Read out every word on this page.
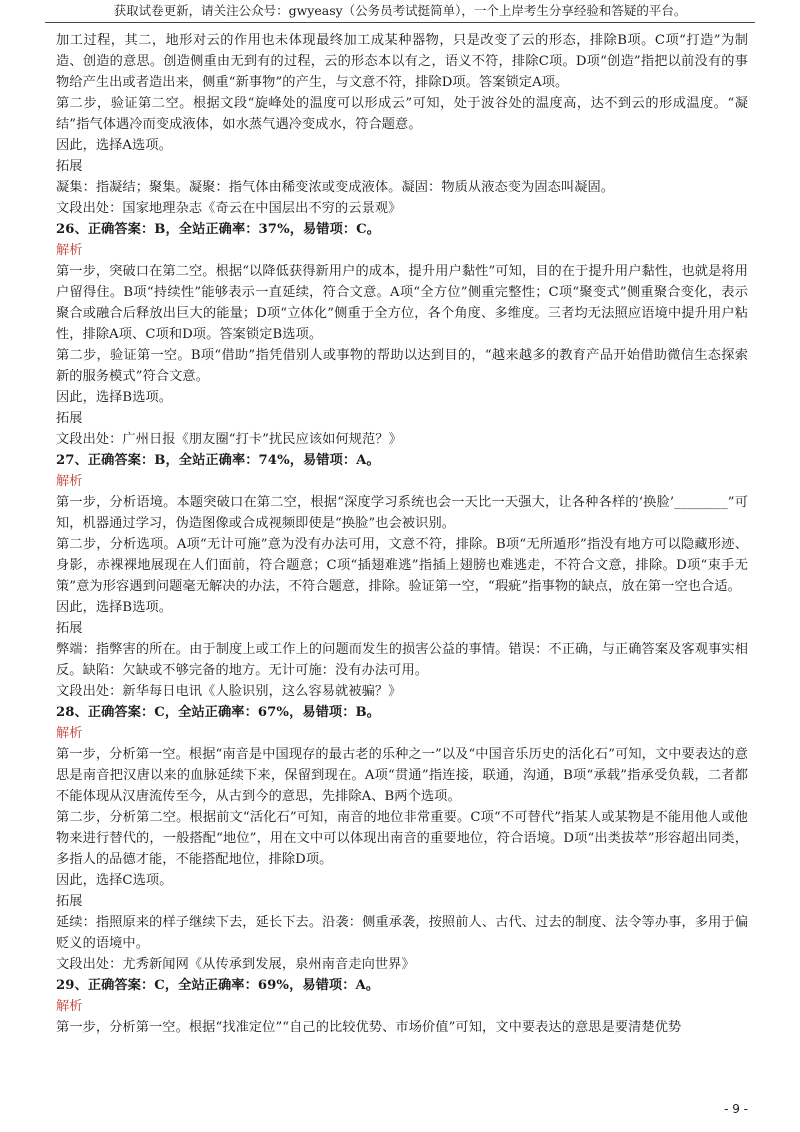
获取试卷更新，请关注公众号：gwyeasy（公务员考试挺简单），一个上岸考生分享经验和答疑的平台。

加工过程，其二，地形对云的作用也未体现最终加工成某种器物，只是改变了云的形态，排除B项。C项“打造”为制造、创造的意思。创造侧重由无到有的过程，云的形态本以有之，语义不符，排除C项。D项“创造”指把以前没有的事物给产生出或者造出来，侧重“新事物”的产生，与文意不符，排除D项。答案锁定A项。

第二步，验证第二空。根据文段“旋峰处的温度可以形成云”可知，处于波谷处的温度高，达不到云的形成温度。“凝结”指气体遇冷而变成液体，如水蒸气遇冷变成水，符合题意。

因此，选择A选项。

拓展

凝集：指凝结；聚集。凝聚：指气体由稀变浓或变成液体。凝固：物质从液态变为固态叫凝固。

文段出处：国家地理杂志《奇云在中国层出不穷的云景观》

26、正确答案：B，全站正确率：37%，易错项：C。

解析

第一步，突破口在第二空。根据“以降低获得新用户的成本，提升用户黏性”可知，目的在于提升用户黏性，也就是将用户留得住。B项“持续性”能够表示一直延续，符合文意。A项“全方位”侧重完整性；C项“聚变式”侧重聚合变化，表示聚合或融合后释放出巨大的能量；D项“立体化”侧重于全方位，各个角度、多维度。三者均无法照应语境中提升用户粘性，排除A项、C项和D项。答案锁定B选项。

第二步，验证第一空。B项“借助”指凭借别人或事物的帮助以达到目的，“越来越多的教育产品开始借助微信生态探索新的服务模式”符合文意。

因此，选择B选项。

拓展

文段出处：广州日报《朋友圈“打卡”扰民应该如何规范？》

27、正确答案：B，全站正确率：74%，易错项：A。

解析

第一步，分析语境。本题突破口在第二空，根据“深度学习系统也会一天比一天强大，让各种各样的‘换脸’________”可知，机器通过学习，伪造图像或合成视频即使是“换脸”也会被识别。

第二步，分析选项。A项“无计可施”意为没有办法可用，文意不符，排除。B项“无所遁形”指没有地方可以隐藏形迹、身影，赤裸裸地展现在人们面前，符合题意；C项“插翅难逃”指插上翅膀也难逃走，不符合文意，排除。D项“束手无策”意为形容遇到问题毫无解决的办法，不符合题意，排除。验证第一空，“瑕疵”指事物的缺点，放在第一空也合适。

因此，选择B选项。

拓展

弊端：指弊害的所在。由于制度上或工作上的问题而发生的损害公益的事情。错误：不正确，与正确答案及客观事实相反。缺陷：欠缺或不够完备的地方。无计可施：没有办法可用。

文段出处：新华每日电讯《人脸识别，这么容易就被骗？》

28、正确答案：C，全站正确率：67%，易错项：B。

解析

第一步，分析第一空。根据“南音是中国现存的最古老的乐种之一”以及“中国音乐历史的活化石”可知，文中要表达的意思是南音把汉唐以来的血脉延续下来，保留到现在。A项“贯通”指连接，联通，沟通，B项“承载”指承受负载，二者都不能体现从汉唐流传至今，从古到今的意思，先排除A、B两个选项。

第二步，分析第二空。根据前文“活化石”可知，南音的地位非常重要。C项“不可替代”指某人或某物是不能用他人或他物来进行替代的，一般搭配“地位”，用在文中可以体现出南音的重要地位，符合语境。D项“出类拔萃”形容超出同类，多指人的品德才能，不能搭配地位，排除D项。

因此，选择C选项。

拓展

延续：指照原来的样子继续下去，延长下去。沿袭：侧重承袭，按照前人、古代、过去的制度、法令等办事，多用于偏贬义的语境中。

文段出处：尤秀新闻网《从传承到发展，泉州南音走向世界》

29、正确答案：C，全站正确率：69%，易错项：A。

解析

第一步，分析第一空。根据“找准定位”“自己的比较优势、市场价值”可知，文中要表达的意思是要清楚优势

- 9 -
